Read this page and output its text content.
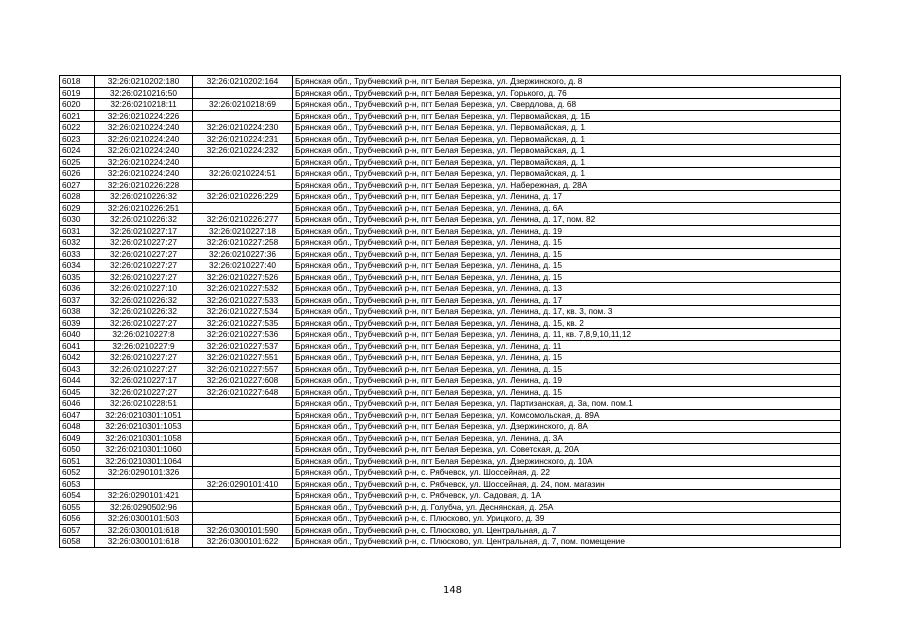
6018	32:26:0210202:180	32:26:0210202:164	Брянская обл., Трубчевский р-н, пгт Белая Березка, ул. Дзержинского, д. 8
6019	32:26:0210216:50		Брянская обл., Трубчевский р-н, пгт Белая Березка, ул. Горького, д. 76
6020	32:26:0210218:11	32:26:0210218:69	Брянская обл., Трубчевский р-н, пгт Белая Березка, ул. Свердлова, д. 68
6021	32:26:0210224:226		Брянская обл., Трубчевский р-н, пгт Белая Березка, ул. Первомайская, д. 1Б
6022	32:26:0210224:240	32:26:0210224:230	Брянская обл., Трубчевский р-н, пгт Белая Березка, ул. Первомайская, д. 1
6023	32:26:0210224:240	32:26:0210224:231	Брянская обл., Трубчевский р-н, пгт Белая Березка, ул. Первомайская, д. 1
6024	32:26:0210224:240	32:26:0210224:232	Брянская обл., Трубчевский р-н, пгт Белая Березка, ул. Первомайская, д. 1
6025	32:26:0210224:240		Брянская обл., Трубчевский р-н, пгт Белая Березка, ул. Первомайская, д. 1
6026	32:26:0210224:240	32:26:0210224:51	Брянская обл., Трубчевский р-н, пгт Белая Березка, ул. Первомайская, д. 1
6027	32:26:0210226:228		Брянская обл., Трубчевский р-н, пгт Белая Березка, ул. Набережная, д. 28А
6028	32:26:0210226:32	32:26:0210226:229	Брянская обл., Трубчевский р-н, пгт Белая Березка, ул. Ленина, д. 17
6029	32:26:0210226:251		Брянская обл., Трубчевский р-н, пгт Белая Березка, ул. Ленина, д. 6А
6030	32:26:0210226:32	32:26:0210226:277	Брянская обл., Трубчевский р-н, пгт Белая Березка, ул. Ленина, д. 17, пом. 82
6031	32:26:0210227:17	32:26:0210227:18	Брянская обл., Трубчевский р-н, пгт Белая Березка, ул. Ленина, д. 19
6032	32:26:0210227:27	32:26:0210227:258	Брянская обл., Трубчевский р-н, пгт Белая Березка, ул. Ленина, д. 15
6033	32:26:0210227:27	32:26:0210227:36	Брянская обл., Трубчевский р-н, пгт Белая Березка, ул. Ленина, д. 15
6034	32:26:0210227:27	32:26:0210227:40	Брянская обл., Трубчевский р-н, пгт Белая Березка, ул. Ленина, д. 15
6035	32:26:0210227:27	32:26:0210227:526	Брянская обл., Трубчевский р-н, пгт Белая Березка, ул. Ленина, д. 15
6036	32:26:0210227:10	32:26:0210227:532	Брянская обл., Трубчевский р-н, пгт Белая Березка, ул. Ленина, д. 13
6037	32:26:0210226:32	32:26:0210227:533	Брянская обл., Трубчевский р-н, пгт Белая Березка, ул. Ленина, д. 17
6038	32:26:0210226:32	32:26:0210227:534	Брянская обл., Трубчевский р-н, пгт Белая Березка, ул. Ленина, д. 17, кв. 3, пом. 3
6039	32:26:0210227:27	32:26:0210227:535	Брянская обл., Трубчевский р-н, пгт Белая Березка, ул. Ленина, д. 15, кв. 2
6040	32:26:0210227:8	32:26:0210227:536	Брянская обл., Трубчевский р-н, пгт Белая Березка, ул. Ленина, д. 11, кв. 7,8,9,10,11,12
6041	32:26:0210227:9	32:26:0210227:537	Брянская обл., Трубчевский р-н, пгт Белая Березка, ул. Ленина, д. 11
6042	32:26:0210227:27	32:26:0210227:551	Брянская обл., Трубчевский р-н, пгт Белая Березка, ул. Ленина, д. 15
6043	32:26:0210227:27	32:26:0210227:557	Брянская обл., Трубчевский р-н, пгт Белая Березка, ул. Ленина, д. 15
6044	32:26:0210227:17	32:26:0210227:608	Брянская обл., Трубчевский р-н, пгт Белая Березка, ул. Ленина, д. 19
6045	32:26:0210227:27	32:26:0210227:648	Брянская обл., Трубчевский р-н, пгт Белая Березка, ул. Ленина, д. 15
6046	32:26:0210228:51		Брянская обл., Трубчевский р-н, пгт Белая Березка, ул. Партизанская, д. 3а, пом. пом.1
6047	32:26:0210301:1051		Брянская обл., Трубчевский р-н, пгт Белая Березка, ул. Комсомольская, д. 89А
6048	32:26:0210301:1053		Брянская обл., Трубчевский р-н, пгт Белая Березка, ул. Дзержинского, д. 8А
6049	32:26:0210301:1058		Брянская обл., Трубчевский р-н, пгт Белая Березка, ул. Ленина, д. 3А
6050	32:26:0210301:1060		Брянская обл., Трубчевский р-н, пгт Белая Березка, ул. Советская, д. 20А
6051	32:26:0210301:1064		Брянская обл., Трубчевский р-н, пгт Белая Березка, ул. Дзержинского, д. 10А
6052	32:26:0290101:326		Брянская обл., Трубчевский р-н, с. Рябчевск, ул. Шоссейная, д. 22
6053		32:26:0290101:410	Брянская обл., Трубчевский р-н, с. Рябчевск, ул. Шоссейная, д. 24, пом. магазин
6054	32:26:0290101:421		Брянская обл., Трубчевский р-н, с. Рябчевск, ул. Садовая, д. 1А
6055	32:26:0290502:96		Брянская обл., Трубчевский р-н, д. Голубча, ул. Деснянская, д. 25А
6056	32:26:0300101:503		Брянская обл., Трубчевский р-н, с. Плюсково, ул. Урицкого, д. 39
6057	32:26:0300101:618	32:26:0300101:590	Брянская обл., Трубчевский р-н, с. Плюсково, ул. Центральная, д. 7
6058	32:26:0300101:618	32:26:0300101:622	Брянская обл., Трубчевский р-н, с. Плюсково, ул. Центральная, д. 7, пом. помещение
148
